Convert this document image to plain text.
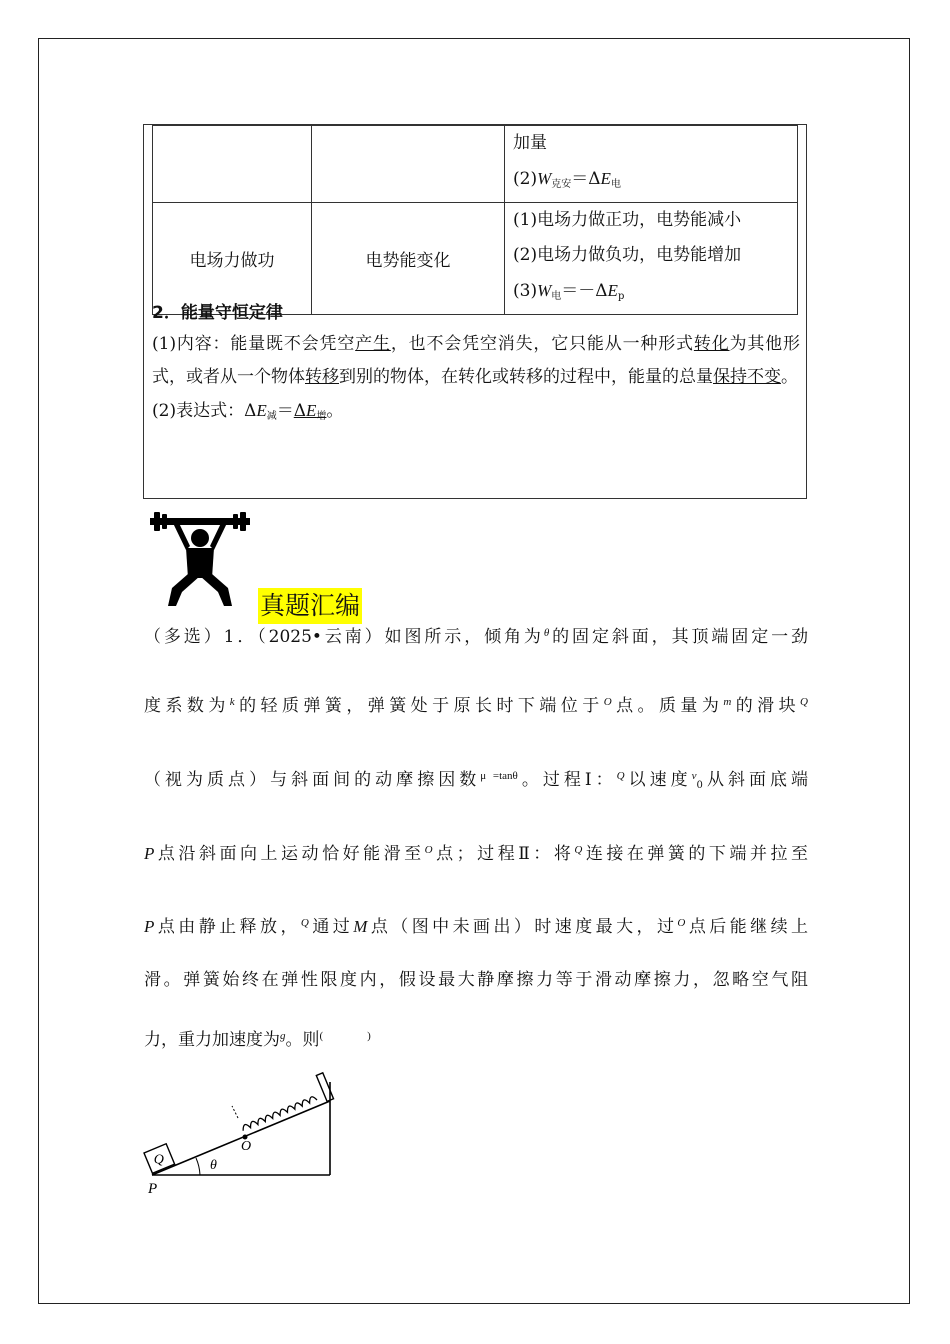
		加量
$(2)W_{克安}=\Delta E_电$

电场力做功	电势能变化	(1)电场力做正功，电势能减小
(2)电场力做负功，电势能增加
$(3)W_电=-\Delta E_p$
2．能量守恒定律

(1)内容：能量既不会凭空产生，也不会凭空消失，它只能从一种形式转化为其他形式，或者从一个物体转移到别的物体，在转化或转移的过程中，能量的总量保持不变。

(2)表达式：$\Delta E_减=\Delta E_增$。

真题汇编
（多选）1．（2025•云南）如图所示，倾角为$^\theta$的固定斜面，其顶端固定一劲
度系数为$^k$的轻质弹簧，弹簧处于原长时下端位于$^O$点。质量为$^m$的滑块$^Q$
（视为质点）与斜面间的动摩擦因数$^{\mu =tan\theta}$。过程Ⅰ：$^Q$以速度$^v_0$从斜面底端
P点沿斜面向上运动恰好能滑至$^O$点；过程Ⅱ：将$^Q$连接在弹簧的下端并拉至
P点由静止释放，$^Q$通过M点（图中未画出）时速度最大，过$^O$点后能继续上
滑。弹簧始终在弹性限度内，假设最大静摩擦力等于滑动摩擦力，忽略空气阻
力，重力加速度为$^g$。则(	)
O
Q	θ
P
